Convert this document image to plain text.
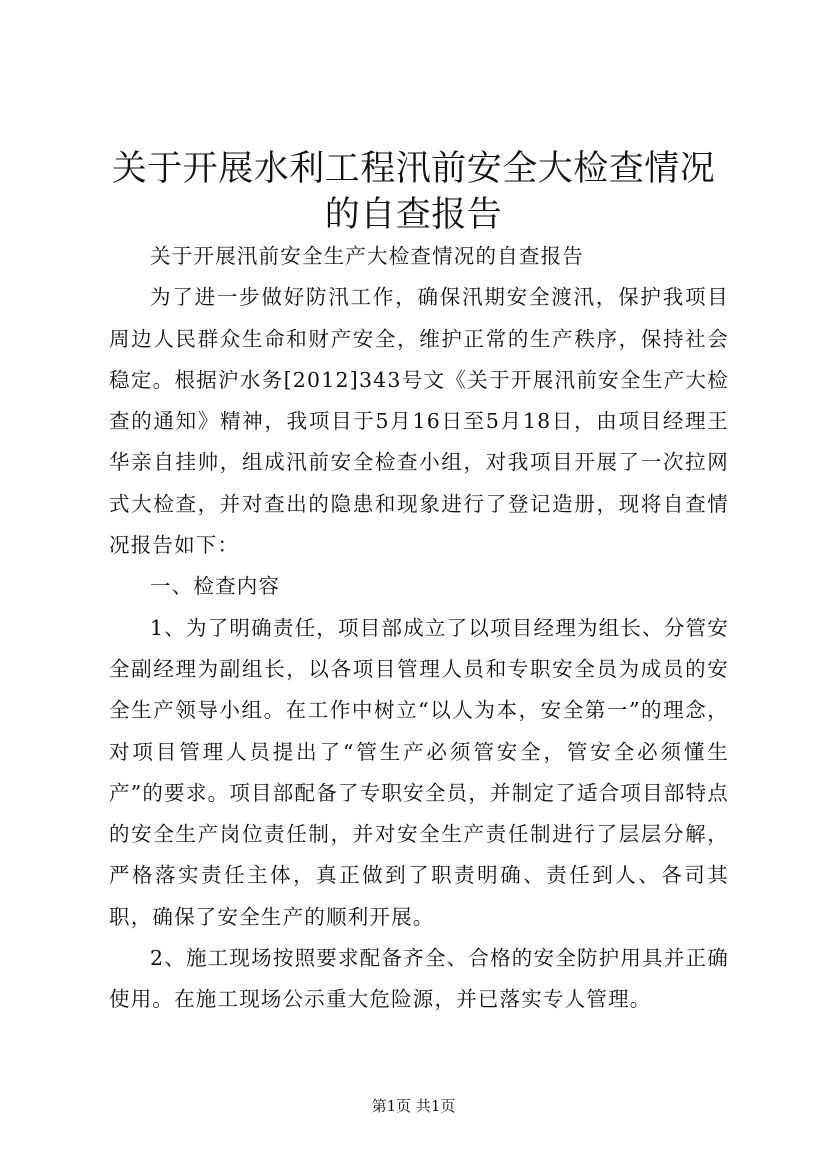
关于开展水利工程汛前安全大检查情况的自查报告

关于开展汛前安全生产大检查情况的自查报告

为了进一步做好防汛工作，确保汛期安全渡汛，保护我项目周边人民群众生命和财产安全，维护正常的生产秩序，保持社会稳定。根据沪水务[2012]343号文《关于开展汛前安全生产大检查的通知》精神，我项目于5月16日至5月18日，由项目经理王华亲自挂帅，组成汛前安全检查小组，对我项目开展了一次拉网式大检查，并对查出的隐患和现象进行了登记造册，现将自查情况报告如下：

一、检查内容

1、为了明确责任，项目部成立了以项目经理为组长、分管安全副经理为副组长，以各项目管理人员和专职安全员为成员的安全生产领导小组。在工作中树立“以人为本，安全第一”的理念，对项目管理人员提出了“管生产必须管安全，管安全必须懂生产”的要求。项目部配备了专职安全员，并制定了适合项目部特点的安全生产岗位责任制，并对安全生产责任制进行了层层分解，严格落实责任主体，真正做到了职责明确、责任到人、各司其职，确保了安全生产的顺利开展。

2、施工现场按照要求配备齐全、合格的安全防护用具并正确使用。在施工现场公示重大危险源，并已落实专人管理。

第1页 共1页
